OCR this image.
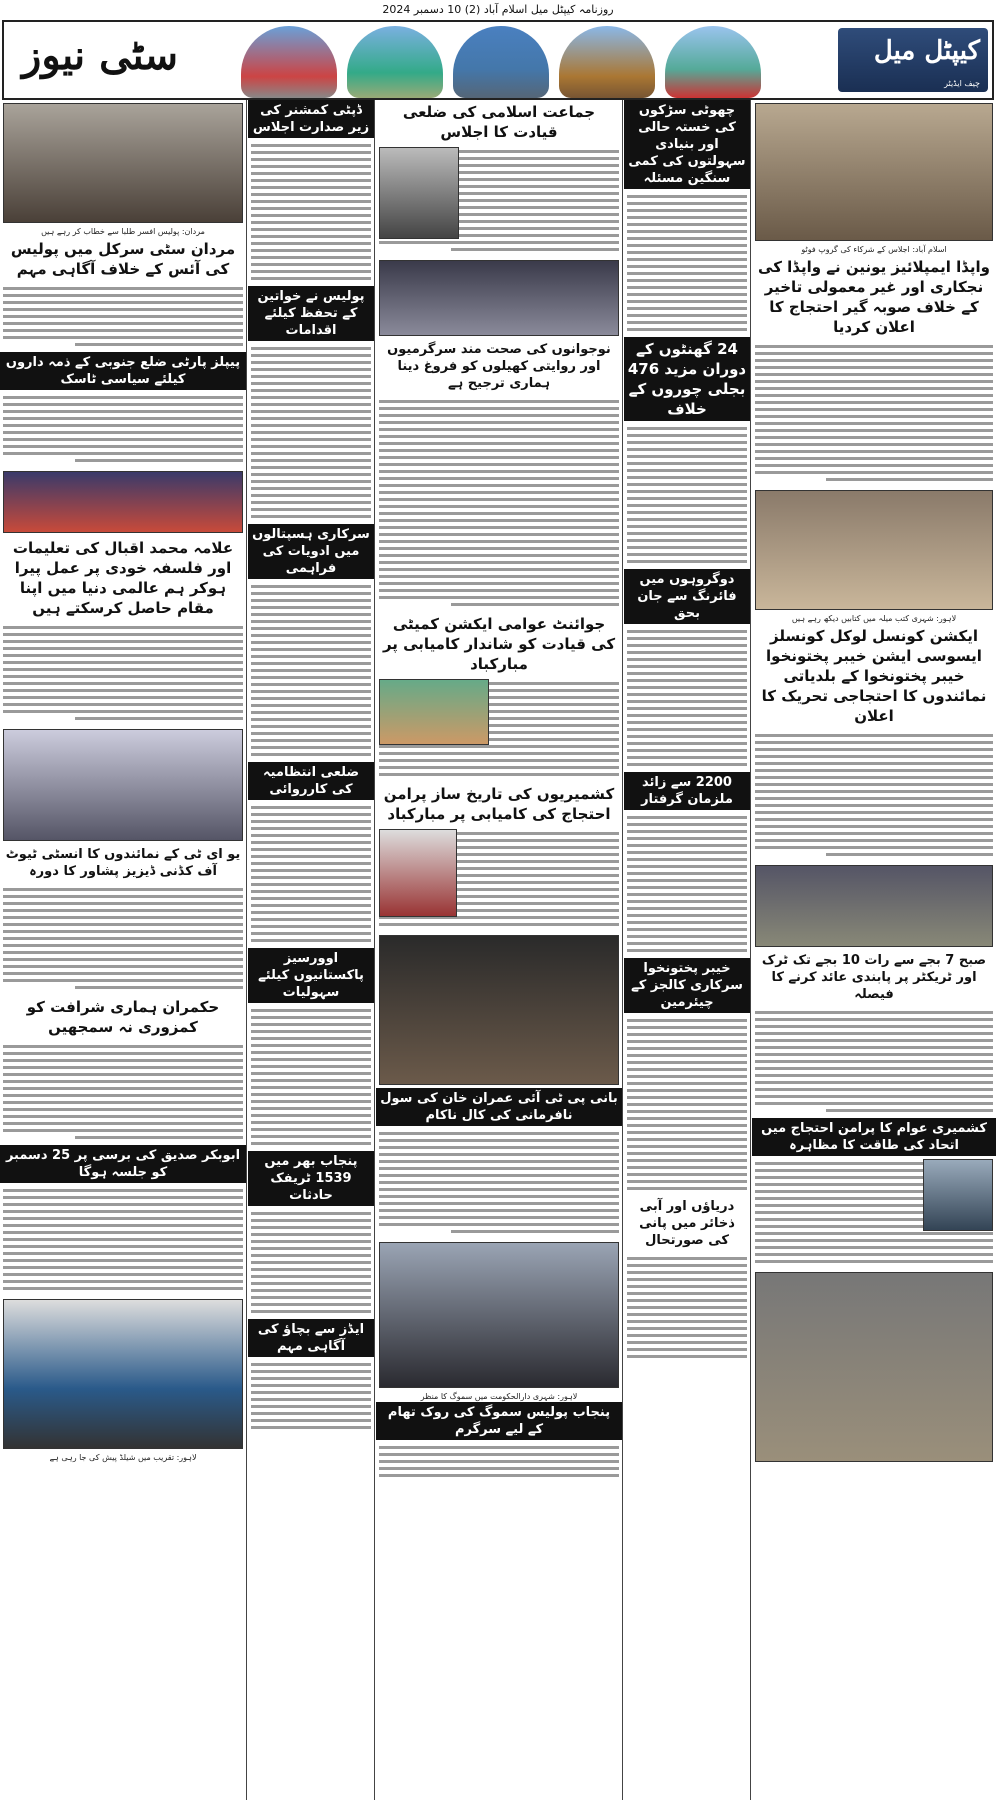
روزنامہ کیپٹل میل اسلام آباد (2) 10 دسمبر 2024
سٹی نیوز	کیپٹل میل
چیف ایڈیٹر
اسلام آباد: اجلاس کے شرکاء کی گروپ فوٹو
واپڈا ایمپلائیز یونین نے واپڈا کی نجکاری اور غیر معمولی تاخیر کے خلاف صوبہ گیر احتجاج کا اعلان کردیا
لاہور: شہری کتب میلہ میں کتابیں دیکھ رہے ہیں
ایکشن کونسل لوکل کونسلز ایسوسی ایشن خیبر پختونخوا خیبر پختونخوا کے بلدیاتی نمائندوں کا احتجاجی تحریک کا اعلان
صبح 7 بجے سے رات 10 بجے تک ٹرک اور ٹریکٹر پر پابندی عائد کرنے کا فیصلہ
کشمیری عوام کا پرامن احتجاج میں اتحاد کی طاقت کا مظاہرہ
چھوٹی سڑکوں کی خستہ حالی اور بنیادی سہولتوں کی کمی سنگین مسئلہ
24 گھنٹوں کے دوران مزید 476 بجلی چوروں کے خلاف
دوگروہوں میں فائرنگ سے جان بحق
2200 سے زائد ملزمان گرفتار
خیبر پختونخوا سرکاری کالجز کے چیئرمین
دریاؤں اور آبی ذخائر میں پانی کی صورتحال
جماعت اسلامی کی ضلعی قیادت کا اجلاس
نوجوانوں کی صحت مند سرگرمیوں اور روایتی کھیلوں کو فروغ دینا ہماری ترجیح ہے
جوائنٹ عوامی ایکشن کمیٹی کی قیادت کو شاندار کامیابی پر مبارکباد
کشمیریوں کی تاریخ ساز پرامن احتجاج کی کامیابی پر مبارکباد
بانی پی ٹی آئی عمران خان کی سول نافرمانی کی کال ناکام
لاہور: شہری دارالحکومت میں سموگ کا منظر
پنجاب پولیس سموگ کی روک تھام کے لیے سرگرم
ڈپٹی کمشنر کی زیر صدارت اجلاس
پولیس نے خواتین کے تحفظ کیلئے اقدامات
سرکاری ہسپتالوں میں ادویات کی فراہمی
ضلعی انتظامیہ کی کارروائی
اوورسیز پاکستانیوں کیلئے سہولیات
پنجاب بھر میں 1539 ٹریفک حادثات
ایڈز سے بچاؤ کی آگاہی مہم
مردان: پولیس افسر طلبا سے خطاب کر رہے ہیں
مردان سٹی سرکل میں پولیس کی آئس کے خلاف آگاہی مہم
پیپلز پارٹی ضلع جنوبی کے ذمہ داروں کیلئے سیاسی ٹاسک
علامہ محمد اقبال کی تعلیمات اور فلسفہ خودی پر عمل پیرا ہوکر ہم عالمی دنیا میں اپنا مقام حاصل کرسکتے ہیں
یو ای ٹی کے نمائندوں کا انسٹی ٹیوٹ آف کڈنی ڈیزیز پشاور کا دورہ
حکمران ہماری شرافت کو کمزوری نہ سمجھیں
ابوبکر صدیق کی برسی پر 25 دسمبر کو جلسہ ہوگا
لاہور: تقریب میں شیلڈ پیش کی جا رہی ہے
